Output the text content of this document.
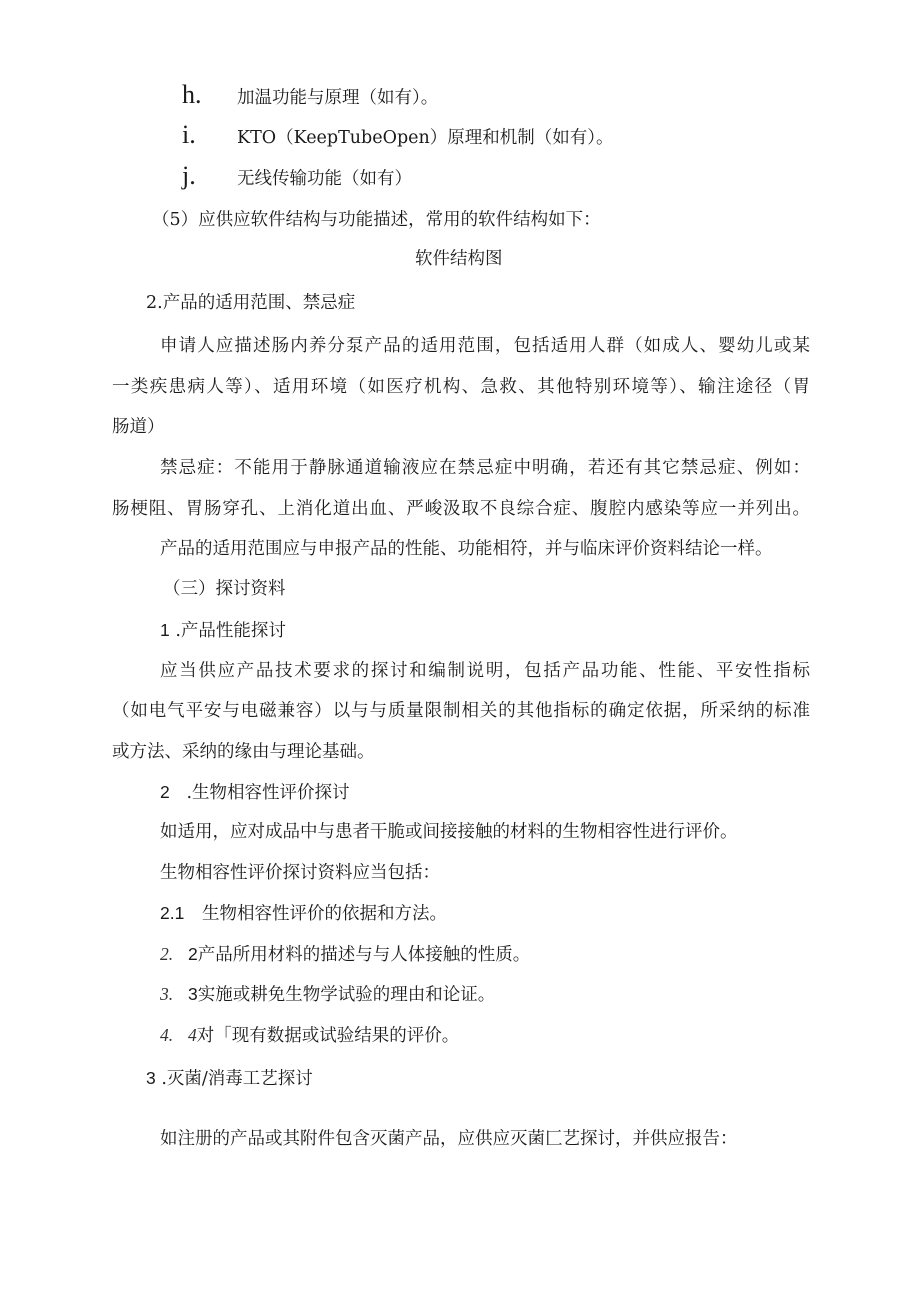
h. 加温功能与原理（如有）。
i. KTO（KeepTubeOpen）原理和机制（如有）。
j. 无线传输功能（如有）
（5）应供应软件结构与功能描述，常用的软件结构如下：
软件结构图
2.产品的适用范围、禁忌症
申请人应描述肠内养分泵产品的适用范围，包括适用人群（如成人、婴幼儿或某
一类疾患病人等）、适用环境（如医疗机构、急救、其他特别环境等）、输注途径（胃
肠道）
禁忌症：不能用于静脉通道输液应在禁忌症中明确，若还有其它禁忌症、例如：
肠梗阻、胃肠穿孔、上消化道出血、严峻汲取不良综合症、腹腔内感染等应一并列出。
产品的适用范围应与申报产品的性能、功能相符，并与临床评价资料结论一样。
（三）探讨资料
1 .产品性能探讨
应当供应产品技术要求的探讨和编制说明，包括产品功能、性能、平安性指标
（如电气平安与电磁兼容）以与与质量限制相关的其他指标的确定依据，所采纳的标准
或方法、采纳的缘由与理论基础。
2 .生物相容性评价探讨
如适用，应对成品中与患者干脆或间接接触的材料的生物相容性进行评价。
生物相容性评价探讨资料应当包括：
2.1 生物相容性评价的依据和方法。
2. 2产品所用材料的描述与与人体接触的性质。
3. 3实施或耕免生物学试验的理由和论证。
4. 4对「现有数据或试验结果的评价。
3 .灭菌/消毒工艺探讨
如注册的产品或其附件包含灭菌产品，应供应灭菌匚艺探讨，并供应报告：
